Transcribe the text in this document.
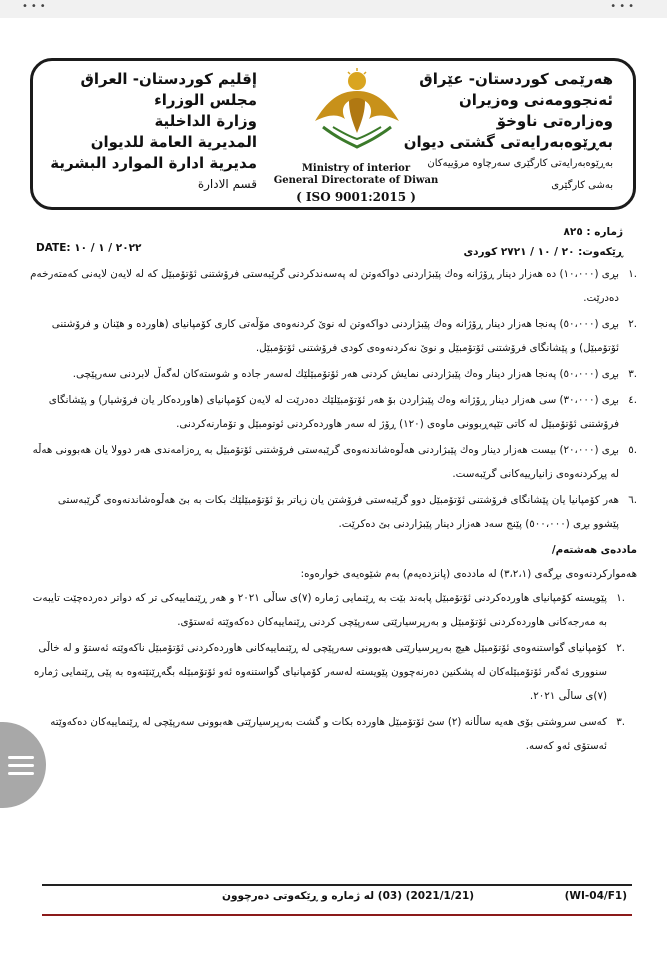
•••	•••
هەرێمی کوردستان- عێراق
ئەنجوومەنی وەزیران
وەزارەتی ناوخۆ
بەڕێوەبەرایەتی گشتی دیوان
بەڕێوەبەرایەتی کارگێری سەرچاوە مرۆییەکان
بەشی کارگێری
Ministry of interior
General Directorate of Diwan
( ISO 9001:2015 )
إقليم كوردستان- العراق
مجلس الوزراء
وزارة الداخلية
المديرية العامة للديوان
مديرية ادارة الموارد البشرية
قسم الادارة
ژمارە : ٨٢٥
ڕێکەوت: ٢٠ / ١٠ / ٢٧٢١ کوردی
DATE: ٢٠٢٢ / ١ / ١٠
.١
بڕی (١٠،٠٠٠) دە هەزار دینار ڕۆژانە وەك پێبژاردنی دواکەوتن لە پەسەندکردنی گرێبەستی فرۆشتنی ئۆتۆمبێل کە لە لایەن لایەنی کەمتەرخەم دەدرێت.
.٢
بڕی (٥٠،٠٠٠) پەنجا هەزار دینار ڕۆژانە وەك پێبژاردنی دواکەوتن لە نوێ کردنەوەی مۆڵەتی کاری کۆمپانیای (هاوردە و هێنان و فرۆشتنی ئۆتۆمبێل) و پێشانگای فرۆشتنی ئۆتۆمبێل و نوێ نەکردنەوەی کودی فرۆشتنی ئۆتۆمبێل.
.٣
بڕی (٥٠،٠٠٠) پەنجا هەزار دینار وەك پێبژاردنی نمایش کردنی هەر ئۆتۆمبێلێك لەسەر جادە و شوستەکان لەگەڵ لابردنی سەرپێچی.
.٤
بڕی (٣٠،٠٠٠) سی هەزار دینار ڕۆژانە وەك پێبژاردن بۆ هەر ئۆتۆمبێلێك دەدرێت لە لایەن کۆمپانیای (هاوردەکار یان فرۆشیار) و پێشانگای فرۆشتنی ئۆتۆمبێل لە کاتی تێپەڕبوونی ماوەی (١٢٠) ڕۆژ لە سەر هاوردەکردنی ئوتومبێل و تۆمارنەکردنی.
.٥
بڕی (٢٠،٠٠٠) بیست هەزار دینار وەك پێبژاردنی هەڵوەشاندنەوەی گرێبەستی فرۆشتنی ئۆتۆمبێل بە ڕەزامەندی هەر دوولا یان هەبوونی هەڵە لە پڕکردنەوەی زانیارییەکانی گرێبەست.
.٦
هەر کۆمپانیا یان پێشانگای فرۆشتنی ئۆتۆمبێل دوو گرێبەستی فرۆشتن یان زیاتر بۆ ئۆتۆمبێلێك بکات بە بێ هەڵوەشاندنەوەی گرێبەستی پێشوو بڕی (٥٠٠،٠٠٠) پێنج سەد هەزار دینار پێبژاردنی بێ دەکرێت.
ماددەی هەشتەم/
هەموارکردنەوەی بڕگەی (٣،٢،١) لە ماددەی (پانزدەیەم) بەم شێوەیەی خوارەوە:
.١
پێویستە کۆمپانیای هاوردەکردنی ئۆتۆمبێل پابەند بێت بە ڕێنمایی ژمارە (٧)ی ساڵی ٢٠٢١ و هەر ڕێنماییەکی تر کە دواتر دەردەچێت تایبەت بە مەرجەکانی هاوردەکردنی ئۆتۆمبێل و بەرپرسیارێتی سەرپێچی کردنی ڕێنماییەکان دەکەوێتە ئەستۆی.
.٢
کۆمپانیای گواستنەوەی ئۆتۆمبێل هیچ بەرپرسیارێتی هەبوونی سەرپێچی لە ڕێنماییەکانی هاوردەکردنی ئۆتۆمبێل ناکەوێتە ئەستۆ و لە خاڵی سنووری ئەگەر ئۆتۆمبێلەکان لە پشکنین دەرنەچوون پێویستە لەسەر کۆمپانیای گواستنەوە ئەو ئۆتۆمبێلە بگەڕێنێتەوە بە پێی ڕێنمایی ژمارە (٧)ی ساڵی ٢٠٢١.
.٣
کەسی سروشتی بۆی هەیە ساڵانە (٢) سێ ئۆتۆمبێل هاوردە بکات و گشت بەرپرسیارێتی هەبوونی سەرپێچی لە ڕێنماییەکان دەکەوێتە ئەستۆی ئەو کەسە.
(2021/1/21) (03) لە ژمارە و ڕێکەوتی دەرچوون	(WI-04/F1)
